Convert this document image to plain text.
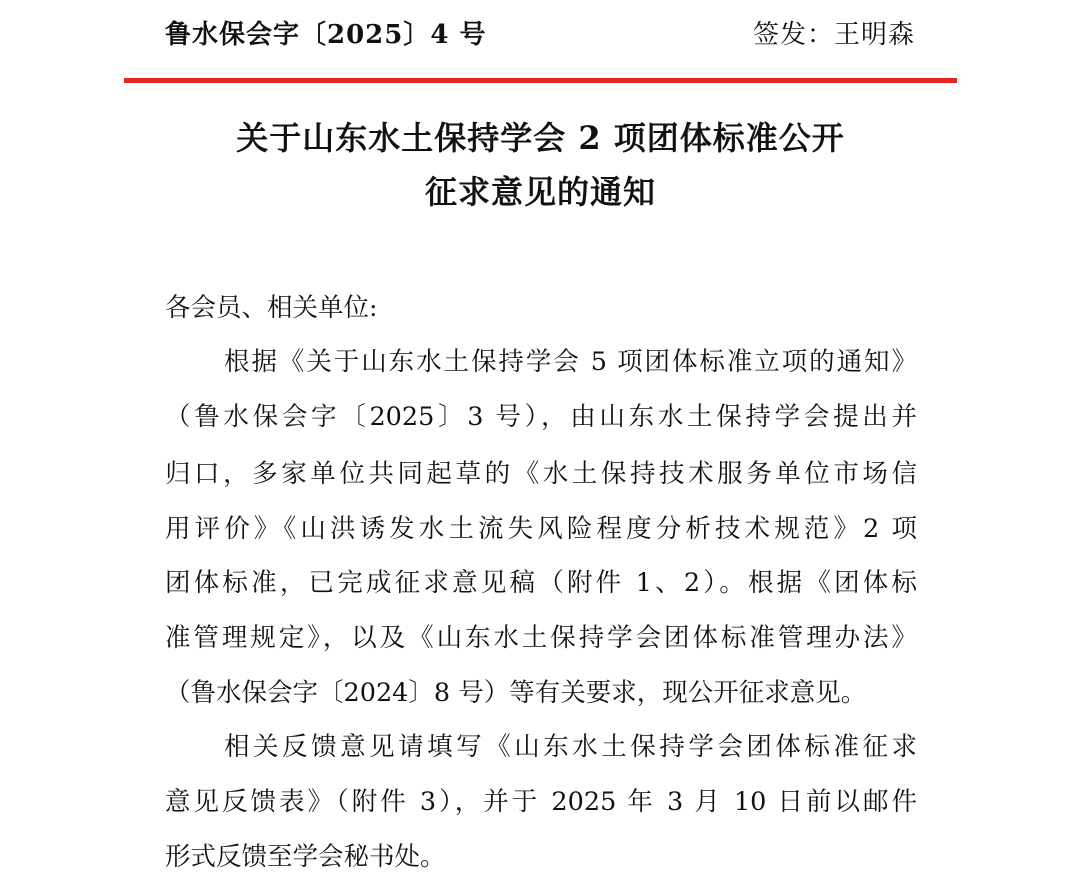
鲁水保会字〔2025〕4 号	签发：王明森
关于山东水土保持学会 2 项团体标准公开
征求意见的通知
各会员、相关单位:
根据《关于山东水土保持学会 5 项团体标准立项的通知》
（鲁水保会字〔2025〕3 号），由山东水土保持学会提出并
归口，多家单位共同起草的《水土保持技术服务单位市场信
用评价》《山洪诱发水土流失风险程度分析技术规范》2 项
团体标准，已完成征求意见稿（附件 1、2）。根据《团体标
准管理规定》，以及《山东水土保持学会团体标准管理办法》
（鲁水保会字〔2024〕8 号）等有关要求，现公开征求意见。
相关反馈意见请填写《山东水土保持学会团体标准征求
意见反馈表》（附件 3），并于 2025 年 3 月 10 日前以邮件
形式反馈至学会秘书处。
